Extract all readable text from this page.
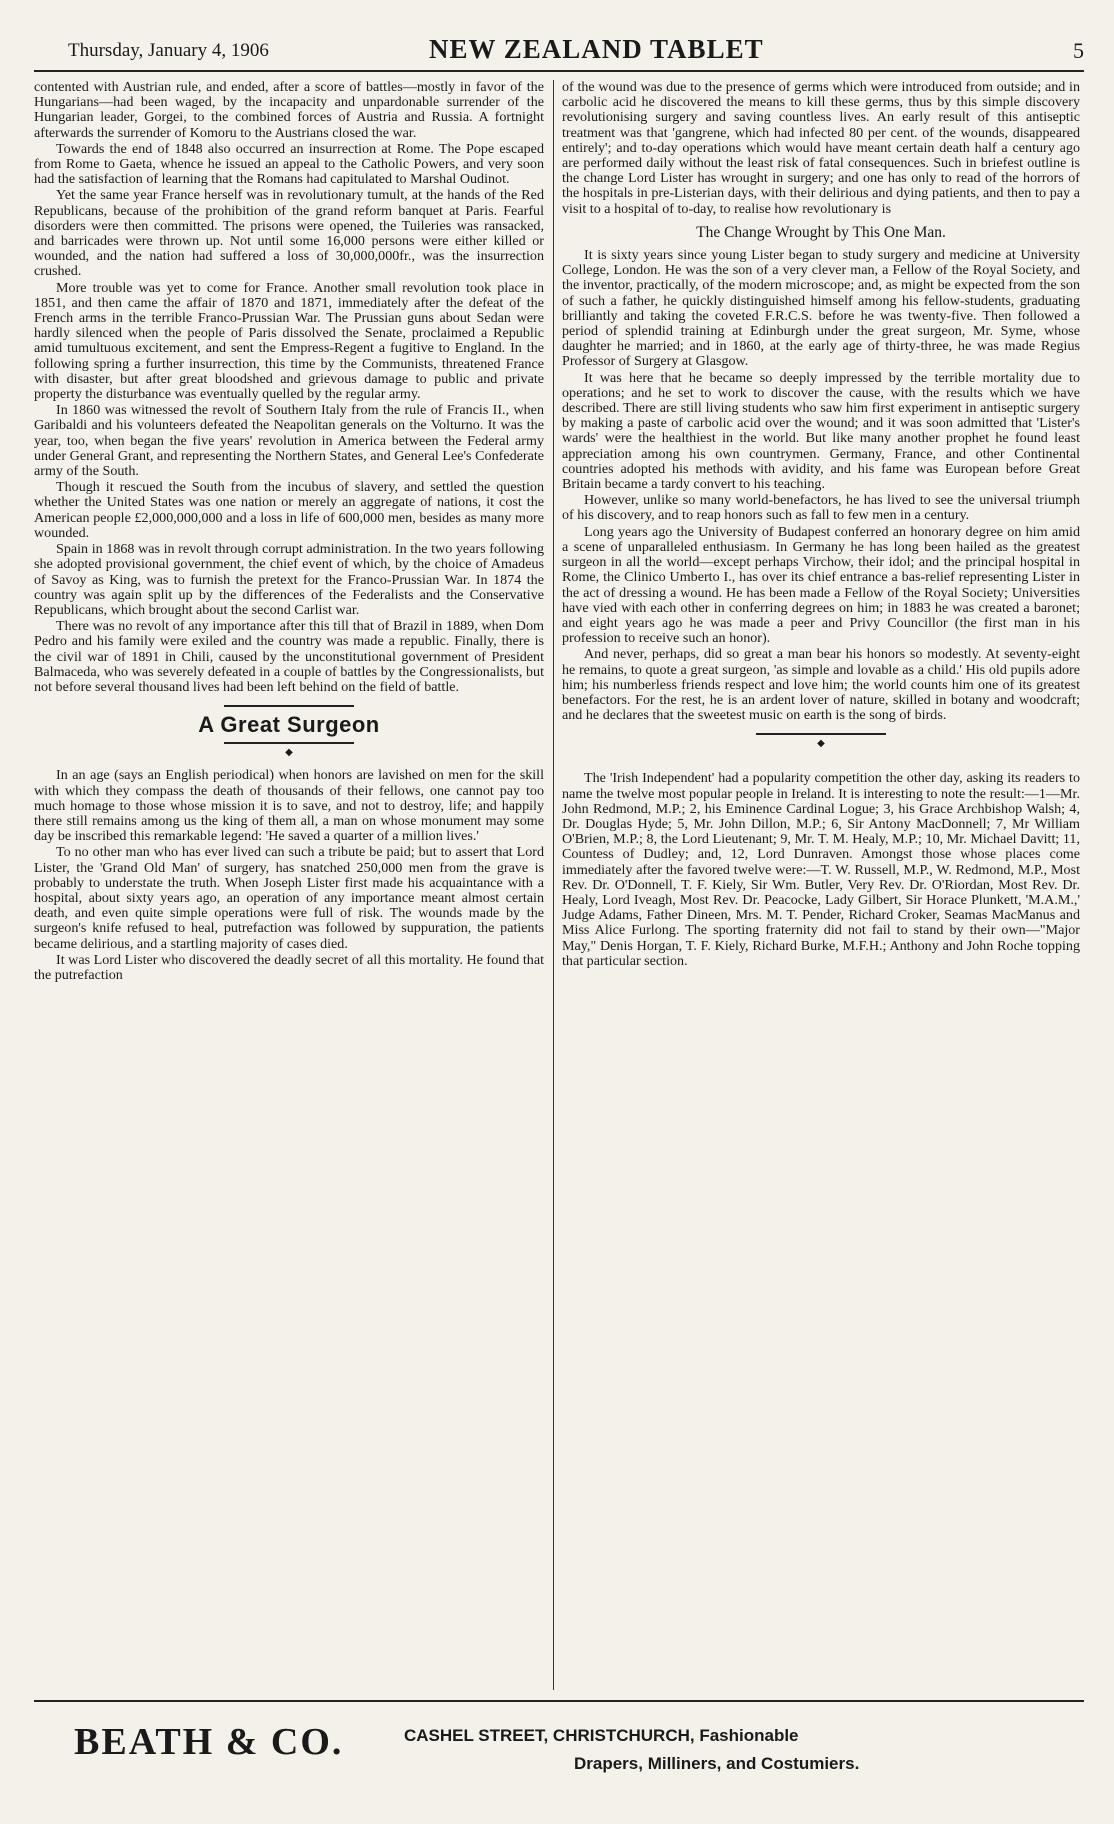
Thursday, January 4, 1906	NEW ZEALAND TABLET	5

contented with Austrian rule, and ended, after a score of battles—mostly in favor of the Hungarians—had been waged, by the incapacity and unpardonable surrender of the Hungarian leader, Gorgei, to the combined forces of Austria and Russia. A fortnight afterwards the surrender of Komoru to the Austrians closed the war.

Towards the end of 1848 also occurred an insurrection at Rome. The Pope escaped from Rome to Gaeta, whence he issued an appeal to the Catholic Powers, and very soon had the satisfaction of learning that the Romans had capitulated to Marshal Oudinot.

Yet the same year France herself was in revolutionary tumult, at the hands of the Red Republicans, because of the prohibition of the grand reform banquet at Paris. Fearful disorders were then committed. The prisons were opened, the Tuileries was ransacked, and barricades were thrown up. Not until some 16,000 persons were either killed or wounded, and the nation had suffered a loss of 30,000,000fr., was the insurrection crushed.

More trouble was yet to come for France. Another small revolution took place in 1851, and then came the affair of 1870 and 1871, immediately after the defeat of the French arms in the terrible Franco-Prussian War. The Prussian guns about Sedan were hardly silenced when the people of Paris dissolved the Senate, proclaimed a Republic amid tumultuous excitement, and sent the Empress-Regent a fugitive to England. In the following spring a further insurrection, this time by the Communists, threatened France with disaster, but after great bloodshed and grievous damage to public and private property the disturbance was eventually quelled by the regular army.

In 1860 was witnessed the revolt of Southern Italy from the rule of Francis II., when Garibaldi and his volunteers defeated the Neapolitan generals on the Volturno. It was the year, too, when began the five years' revolution in America between the Federal army under General Grant, and representing the Northern States, and General Lee's Confederate army of the South.

Though it rescued the South from the incubus of slavery, and settled the question whether the United States was one nation or merely an aggregate of nations, it cost the American people £2,000,000,000 and a loss in life of 600,000 men, besides as many more wounded.

Spain in 1868 was in revolt through corrupt administration. In the two years following she adopted provisional government, the chief event of which, by the choice of Amadeus of Savoy as King, was to furnish the pretext for the Franco-Prussian War. In 1874 the country was again split up by the differences of the Federalists and the Conservative Republicans, which brought about the second Carlist war.

There was no revolt of any importance after this till that of Brazil in 1889, when Dom Pedro and his family were exiled and the country was made a republic. Finally, there is the civil war of 1891 in Chili, caused by the unconstitutional government of President Balmaceda, who was severely defeated in a couple of battles by the Congressionalists, but not before several thousand lives had been left behind on the field of battle.

A Great Surgeon
◆

In an age (says an English periodical) when honors are lavished on men for the skill with which they compass the death of thousands of their fellows, one cannot pay too much homage to those whose mission it is to save, and not to destroy, life; and happily there still remains among us the king of them all, a man on whose monument may some day be inscribed this remarkable legend: 'He saved a quarter of a million lives.'

To no other man who has ever lived can such a tribute be paid; but to assert that Lord Lister, the 'Grand Old Man' of surgery, has snatched 250,000 men from the grave is probably to understate the truth. When Joseph Lister first made his acquaintance with a hospital, about sixty years ago, an operation of any importance meant almost certain death, and even quite simple operations were full of risk. The wounds made by the surgeon's knife refused to heal, putrefaction was followed by suppuration, the patients became delirious, and a startling majority of cases died.

It was Lord Lister who discovered the deadly secret of all this mortality. He found that the putrefaction

of the wound was due to the presence of germs which were introduced from outside; and in carbolic acid he discovered the means to kill these germs, thus by this simple discovery revolutionising surgery and saving countless lives. An early result of this antiseptic treatment was that 'gangrene, which had infected 80 per cent. of the wounds, disappeared entirely'; and to-day operations which would have meant certain death half a century ago are performed daily without the least risk of fatal consequences. Such in briefest outline is the change Lord Lister has wrought in surgery; and one has only to read of the horrors of the hospitals in pre-Listerian days, with their delirious and dying patients, and then to pay a visit to a hospital of to-day, to realise how revolutionary is

The Change Wrought by This One Man.

It is sixty years since young Lister began to study surgery and medicine at University College, London. He was the son of a very clever man, a Fellow of the Royal Society, and the inventor, practically, of the modern microscope; and, as might be expected from the son of such a father, he quickly distinguished himself among his fellow-students, graduating brilliantly and taking the coveted F.R.C.S. before he was twenty-five. Then followed a period of splendid training at Edinburgh under the great surgeon, Mr. Syme, whose daughter he married; and in 1860, at the early age of thirty-three, he was made Regius Professor of Surgery at Glasgow.

It was here that he became so deeply impressed by the terrible mortality due to operations; and he set to work to discover the cause, with the results which we have described. There are still living students who saw him first experiment in antiseptic surgery by making a paste of carbolic acid over the wound; and it was soon admitted that 'Lister's wards' were the healthiest in the world. But like many another prophet he found least appreciation among his own countrymen. Germany, France, and other Continental countries adopted his methods with avidity, and his fame was European before Great Britain became a tardy convert to his teaching.

However, unlike so many world-benefactors, he has lived to see the universal triumph of his discovery, and to reap honors such as fall to few men in a century.

Long years ago the University of Budapest conferred an honorary degree on him amid a scene of unparalleled enthusiasm. In Germany he has long been hailed as the greatest surgeon in all the world—except perhaps Virchow, their idol; and the principal hospital in Rome, the Clinico Umberto I., has over its chief entrance a bas-relief representing Lister in the act of dressing a wound. He has been made a Fellow of the Royal Society; Universities have vied with each other in conferring degrees on him; in 1883 he was created a baronet; and eight years ago he was made a peer and Privy Councillor (the first man in his profession to receive such an honor).

And never, perhaps, did so great a man bear his honors so modestly. At seventy-eight he remains, to quote a great surgeon, 'as simple and lovable as a child.' His old pupils adore him; his numberless friends respect and love him; the world counts him one of its greatest benefactors. For the rest, he is an ardent lover of nature, skilled in botany and woodcraft; and he declares that the sweetest music on earth is the song of birds.

◆

The 'Irish Independent' had a popularity competition the other day, asking its readers to name the twelve most popular people in Ireland. It is interesting to note the result:—1—Mr. John Redmond, M.P.; 2, his Eminence Cardinal Logue; 3, his Grace Archbishop Walsh; 4, Dr. Douglas Hyde; 5, Mr. John Dillon, M.P.; 6, Sir Antony MacDonnell; 7, Mr William O'Brien, M.P.; 8, the Lord Lieutenant; 9, Mr. T. M. Healy, M.P.; 10, Mr. Michael Davitt; 11, Countess of Dudley; and, 12, Lord Dunraven. Amongst those whose places come immediately after the favored twelve were:—T. W. Russell, M.P., W. Redmond, M.P., Most Rev. Dr. O'Donnell, T. F. Kiely, Sir Wm. Butler, Very Rev. Dr. O'Riordan, Most Rev. Dr. Healy, Lord Iveagh, Most Rev. Dr. Peacocke, Lady Gilbert, Sir Horace Plunkett, 'M.A.M.,' Judge Adams, Father Dineen, Mrs. M. T. Pender, Richard Croker, Seamas MacManus and Miss Alice Furlong. The sporting fraternity did not fail to stand by their own—"Major May," Denis Horgan, T. F. Kiely, Richard Burke, M.F.H.; Anthony and John Roche topping that particular section.

BEATH & CO.	CASHEL STREET, CHRISTCHURCH, Fashionable
Drapers, Milliners, and Costumiers.
